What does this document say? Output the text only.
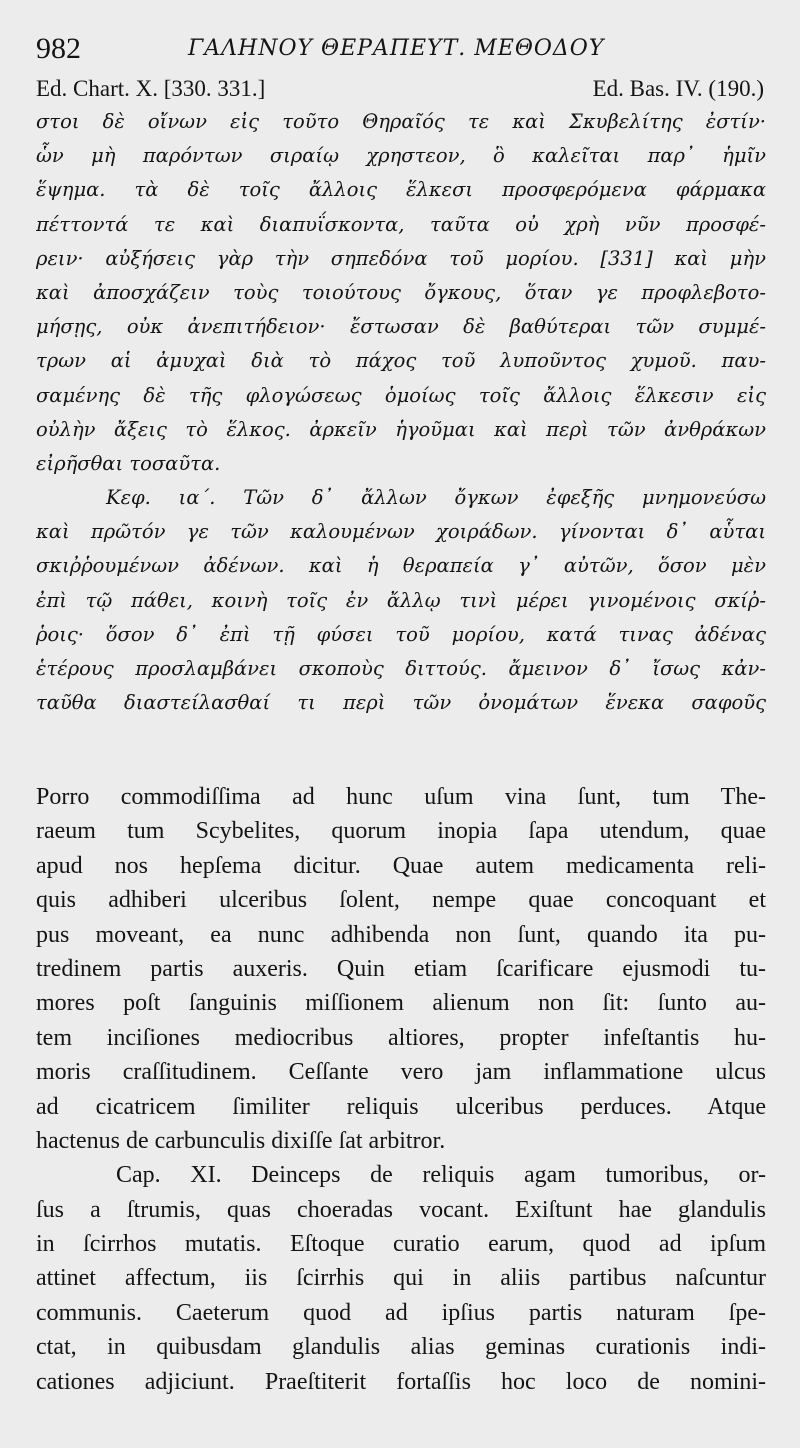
982	ΓΑΛΗΝΟΥ ΘΕΡΑΠΕΥΤ. ΜΕΘΟΔΟΥ
Ed. Chart. X. [330. 331.]	Ed. Bas. IV. (190.)
στοι δὲ οἴνων εἰς τοῦτο Θηραῖός τε καὶ Σκυβελίτης ἐστίν·
ὧν μὴ παρόντων σιραίῳ χρηστεον, ὃ καλεῖται παρ᾽ ἡμῖν
ἕψημα. τὰ δὲ τοῖς ἄλλοις ἕλκεσι προσφερόμενα φάρμακα
πέττοντά τε καὶ διαπυΐσκοντα, ταῦτα οὐ χρὴ νῦν προσφέ-
ρειν· αὐξήσεις γὰρ τὴν σηπεδόνα τοῦ μορίου. [331] καὶ μὴν
καὶ ἀποσχάζειν τοὺς τοιούτους ὄγκους, ὅταν γε προφλεβοτο-
μήσῃς, οὐκ ἀνεπιτήδειον· ἔστωσαν δὲ βαθύτεραι τῶν συμμέ-
τρων αἱ ἀμυχαὶ διὰ τὸ πάχος τοῦ λυποῦντος χυμοῦ. παυ-
σαμένης δὲ τῆς φλογώσεως ὁμοίως τοῖς ἄλλοις ἕλκεσιν εἰς
οὐλὴν ἄξεις τὸ ἕλκος. ἀρκεῖν ἡγοῦμαι καὶ περὶ τῶν ἀνθράκων
εἰρῆσθαι τοσαῦτα.
Κεφ. ια΄. Τῶν δ᾽ ἄλλων ὄγκων ἐφεξῆς μνημονεύσω
καὶ πρῶτόν γε τῶν καλουμένων χοιράδων. γίνονται δ᾽ αὗται
σκιῤῥουμένων ἀδένων. καὶ ἡ θεραπεία γ᾽ αὐτῶν, ὅσον μὲν
ἐπὶ τῷ πάθει, κοινὴ τοῖς ἐν ἄλλῳ τινὶ μέρει γινομένοις σκίῤ-
ῥοις· ὅσον δ᾽ ἐπὶ τῇ φύσει τοῦ μορίου, κατά τινας ἀδένας
ἑτέρους προσλαμβάνει σκοποὺς διττούς. ἄμεινον δ᾽ ἴσως κἀν-
ταῦθα διαστείλασθαί τι περὶ τῶν ὀνομάτων ἕνεκα σαφοῦς
Porro commodiſſima ad hunc uſum vina ſunt, tum The-
raeum tum Scybelites, quorum inopia ſapa utendum, quae
apud nos hepſema dicitur. Quae autem medicamenta reli-
quis adhiberi ulceribus ſolent, nempe quae concoquant et
pus moveant, ea nunc adhibenda non ſunt, quando ita pu-
tredinem partis auxeris. Quin etiam ſcarificare ejusmodi tu-
mores poſt ſanguinis miſſionem alienum non ſit: ſunto au-
tem inciſiones mediocribus altiores, propter infeſtantis hu-
moris craſſitudinem. Ceſſante vero jam inflammatione ulcus
ad cicatricem ſimiliter reliquis ulceribus perduces. Atque
hactenus de carbunculis dixiſſe ſat arbitror.
Cap. XI. Deinceps de reliquis agam tumoribus, or-
ſus a ſtrumis, quas choeradas vocant. Exiſtunt hae glandulis
in ſcirrhos mutatis. Eſtoque curatio earum, quod ad ipſum
attinet affectum, iis ſcirrhis qui in aliis partibus naſcuntur
communis. Caeterum quod ad ipſius partis naturam ſpe-
ctat, in quibusdam glandulis alias geminas curationis indi-
cationes adjiciunt. Praeſtiterit fortaſſis hoc loco de nomini-
